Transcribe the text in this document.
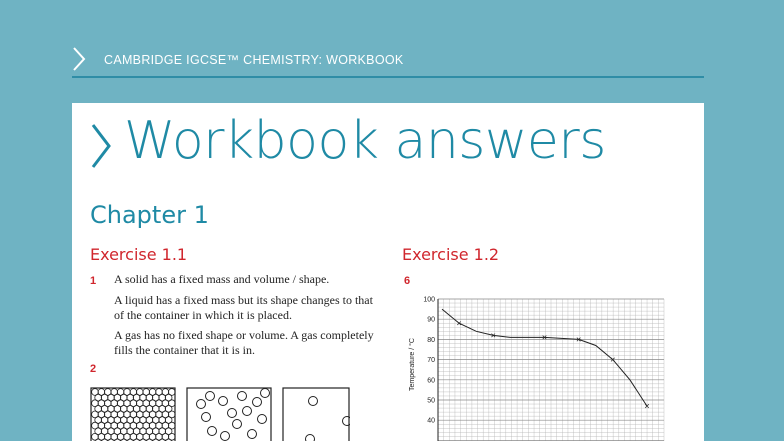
CAMBRIDGE IGCSE™ CHEMISTRY: WORKBOOK
Workbook answers
Chapter 1
Exercise 1.1
1 A solid has a fixed mass and volume / shape.
A liquid has a fixed mass but its shape changes to that of the container in which it is placed.
A gas has no fixed shape or volume. A gas completely fills the container that it is in.
2
Exercise 1.2
6
100
90
80
70
60
50
40
Temperature / °C
